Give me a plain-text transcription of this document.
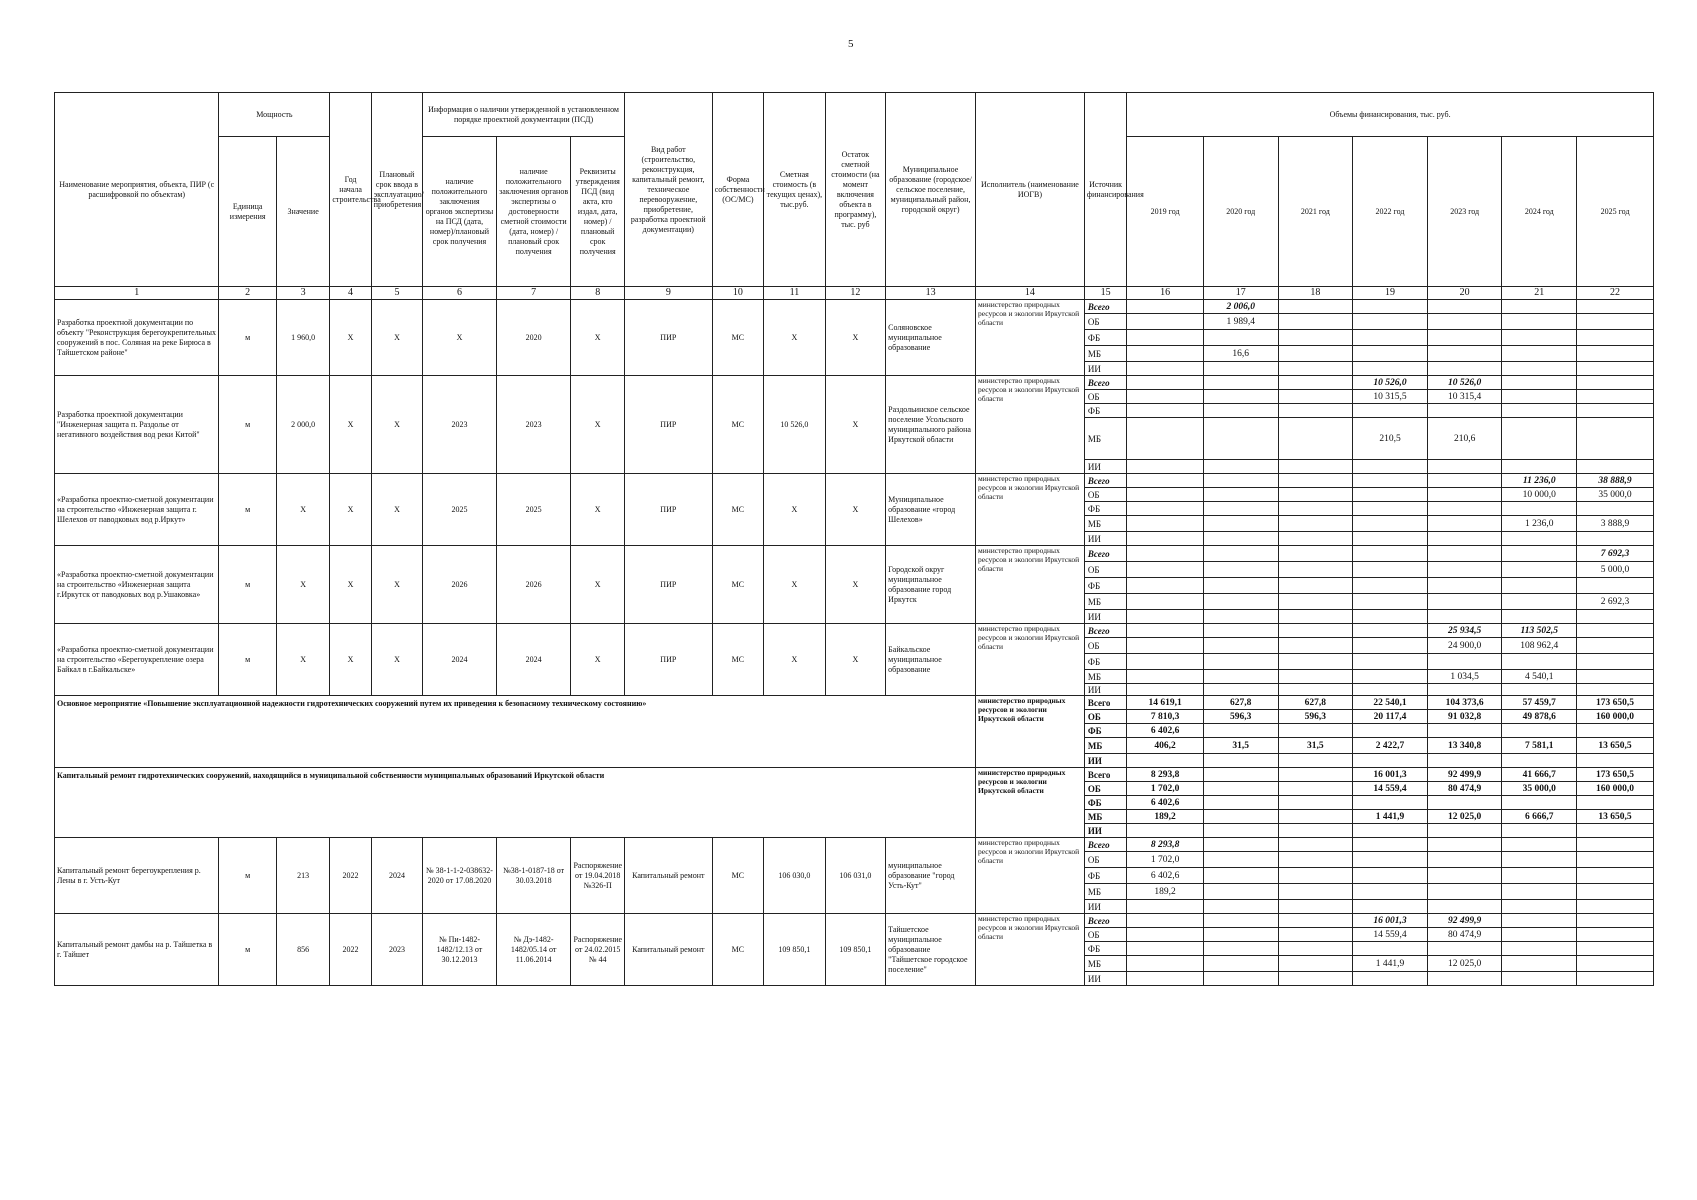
5
Наименование мероприятия, объекта, ПИР (с расшифровкой по объектам)	Мощность		Год начала строительства	Плановый срок ввода в эксплуатацию/приобретения	Информация о наличии утвержденной в установленном порядке проектной документации (ПСД)			Вид работ (строительство, реконструкция, капитальный ремонт, техническое перевооружение, приобретение, разработка проектной документации)	Форма собственности (ОС/МС)	Сметная стоимость (в текущих ценах), тыс.руб.	Остаток сметной стоимости (на момент включения объекта в программу), тыс. руб	Муниципальное образование (городское/сельское поселение, муниципальный район, городской округ)	Исполнитель (наименование ИОГВ)	Источник финансирования	Объемы финансирования, тыс. руб.						
	Единица измерения	Значение			наличие положительного заключения органов экспертизы на ПСД (дата, номер)/плановый срок получения	наличие положительного заключения органов экспертизы о достоверности сметной стоимости (дата, номер) / плановый срок получения	Реквизиты утверждения ПСД (вид акта, кто издал, дата, номер) / плановый срок получения								2019 год	2020 год	2021 год	2022 год	2023 год	2024 год	2025 год
1	2	3	4	5	6	7	8	9	10	11	12	13	14	15	16	17	18	19	20	21	22
Разработка проектной документации по объекту "Реконструкция берегоукрепительных сооружений в пос. Соляная на реке Бирюса в Тайшетском районе"	м	1 960,0	Х	Х	Х	2020	Х	ПИР	МС	Х	Х	Соляновское муниципальное образование	министерство природных ресурсов и экологии Иркутской области	Всего		2 006,0					
														ОБ		1 989,4					
														ФБ							
														МБ		16,6					
														ИИ							
Разработка проектной документации "Инженерная защита п. Раздолье от негативного воздействия вод реки Китой"	м	2 000,0	Х	Х	2023	2023	Х	ПИР	МС	10 526,0	Х	Раздольинское сельское поселение Усольского муниципального района Иркутской области	министерство природных ресурсов и экологии Иркутской области	Всего				10 526,0	10 526,0		
														ОБ				10 315,5	10 315,4		
														ФБ							
														МБ				210,5	210,6		
														ИИ							
«Разработка проектно-сметной документации на строительство «Инженерная защита г. Шелехов от паводковых вод р.Иркут»	м	Х	Х	Х	2025	2025	Х	ПИР	МС	Х	Х	Муниципальное образование «город Шелехов»	министерство природных ресурсов и экологии Иркутской области	Всего						11 236,0	38 888,9
														ОБ						10 000,0	35 000,0
														ФБ							
														МБ						1 236,0	3 888,9
														ИИ							
«Разработка проектно-сметной документации на строительство «Инженерная защита г.Иркутск от паводковых вод р.Ушаковка»	м	Х	Х	Х	2026	2026	Х	ПИР	МС	Х	Х	Городской округ муниципальное образование город Иркутск	министерство природных ресурсов и экологии Иркутской области	Всего							7 692,3
														ОБ							5 000,0
														ФБ							
														МБ							2 692,3
														ИИ							
«Разработка проектно-сметной документации на строительство «Берегоукрепление озера Байкал в г.Байкальске»	м	Х	Х	Х	2024	2024	Х	ПИР	МС	Х	Х	Байкальское муниципальное образование	министерство природных ресурсов и экологии Иркутской области	Всего					25 934,5	113 502,5	
														ОБ					24 900,0	108 962,4	
														ФБ							
														МБ					1 034,5	4 540,1	
														ИИ							
Основное мероприятие «Повышение эксплуатационной надежности гидротехнических сооружений путем их приведения к безопасному техническому состоянию»													министерство природных ресурсов и экологии Иркутской области	Всего	14 619,1	627,8	627,8	22 540,1	104 373,6	57 459,7	173 650,5
														ОБ	7 810,3	596,3	596,3	20 117,4	91 032,8	49 878,6	160 000,0
														ФБ	6 402,6						
														МБ	406,2	31,5	31,5	2 422,7	13 340,8	7 581,1	13 650,5
														ИИ							
Капитальный ремонт гидротехнических сооружений, находящийся в муниципальной собственности муниципальных образований Иркутской области													министерство природных ресурсов и экологии Иркутской области	Всего	8 293,8			16 001,3	92 499,9	41 666,7	173 650,5
														ОБ	1 702,0			14 559,4	80 474,9	35 000,0	160 000,0
														ФБ	6 402,6						
														МБ	189,2			1 441,9	12 025,0	6 666,7	13 650,5
														ИИ							
Капитальный ремонт берегоукрепления р. Лены в г. Усть-Кут	м	213	2022	2024	№ 38-1-1-2-038632-2020 от 17.08.2020	№38-1-0187-18 от 30.03.2018	Распоряжение от 19.04.2018 №326-П	Капитальный ремонт	МС	106 030,0	106 031,0	муниципальное образование "город Усть-Кут"	министерство природных ресурсов и экологии Иркутской области	Всего	8 293,8						
														ОБ	1 702,0						
														ФБ	6 402,6						
														МБ	189,2						
														ИИ							
Капитальный ремонт дамбы на р. Тайшетка в г. Тайшет	м	856	2022	2023	№ Пи-1482-1482/12.13 от 30.12.2013	№ Дэ-1482-1482/05.14 от 11.06.2014	Распоряжение от 24.02.2015 № 44	Капитальный ремонт	МС	109 850,1	109 850,1	Тайшетское муниципальное образование "Тайшетское городское поселение"	министерство природных ресурсов и экологии Иркутской области	Всего				16 001,3	92 499,9		
														ОБ				14 559,4	80 474,9		
														ФБ							
														МБ				1 441,9	12 025,0		
														ИИ							
